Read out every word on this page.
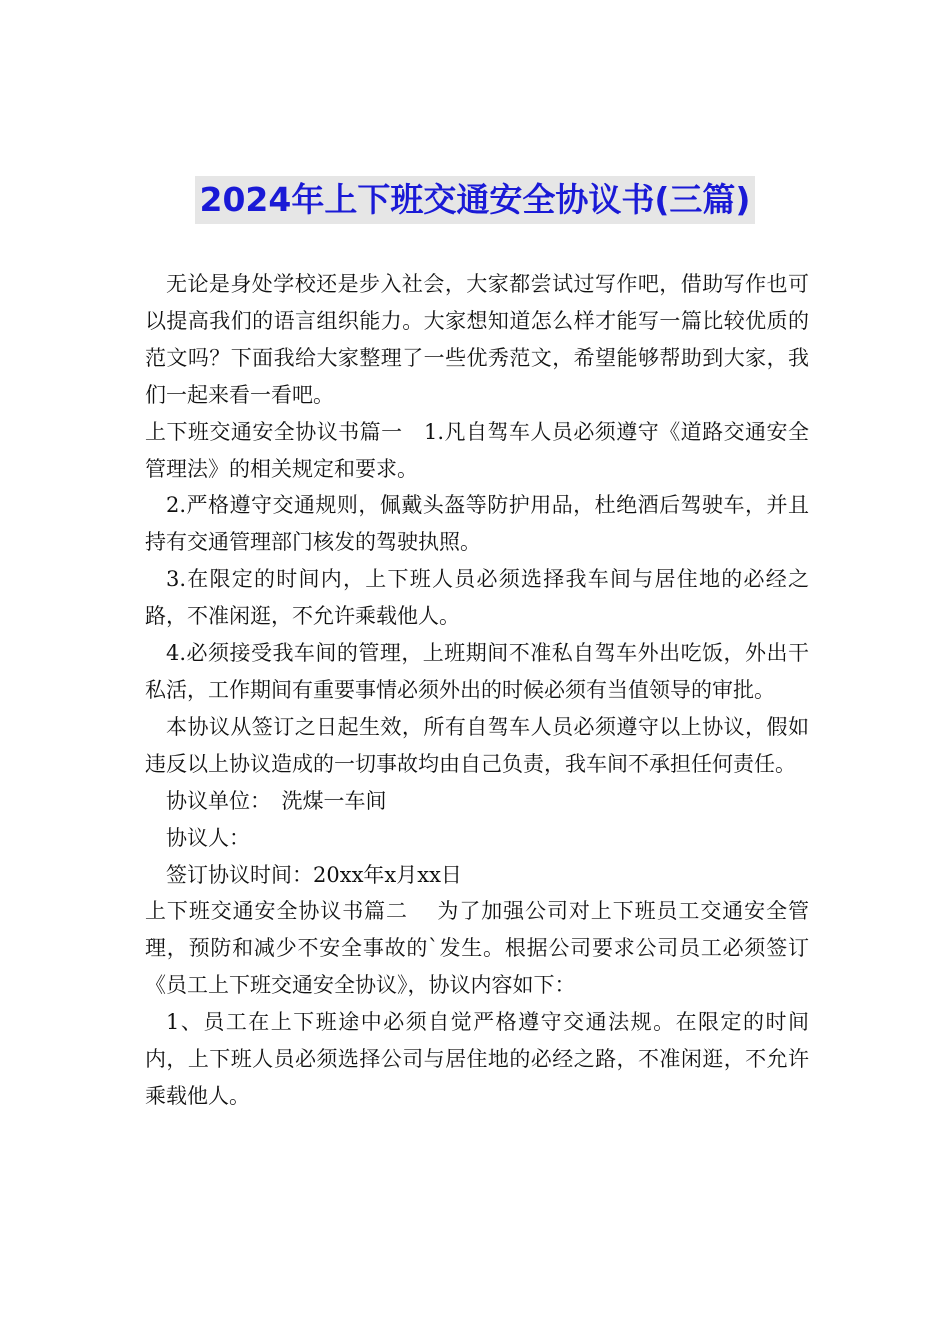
2024年上下班交通安全协议书(三篇)

无论是身处学校还是步入社会，大家都尝试过写作吧，借助写作也可以提高我们的语言组织能力。大家想知道怎么样才能写一篇比较优质的范文吗？下面我给大家整理了一些优秀范文，希望能够帮助到大家，我们一起来看一看吧。

上下班交通安全协议书篇一　1.凡自驾车人员必须遵守《道路交通安全管理法》的相关规定和要求。

2.严格遵守交通规则，佩戴头盔等防护用品，杜绝酒后驾驶车，并且持有交通管理部门核发的驾驶执照。

3.在限定的时间内，上下班人员必须选择我车间与居住地的必经之路，不准闲逛，不允许乘载他人。

4.必须接受我车间的管理，上班期间不准私自驾车外出吃饭，外出干私活，工作期间有重要事情必须外出的时候必须有当值领导的审批。

本协议从签订之日起生效，所有自驾车人员必须遵守以上协议，假如违反以上协议造成的一切事故均由自己负责，我车间不承担任何责任。

协议单位：　洗煤一车间

协议人：

签订协议时间：20xx年x月xx日

上下班交通安全协议书篇二　 为了加强公司对上下班员工交通安全管理，预防和减少不安全事故的`发生。根据公司要求公司员工必须签订《员工上下班交通安全协议》，协议内容如下：

1、员工在上下班途中必须自觉严格遵守交通法规。在限定的时间内，上下班人员必须选择公司与居住地的必经之路，不准闲逛，不允许乘载他人。
